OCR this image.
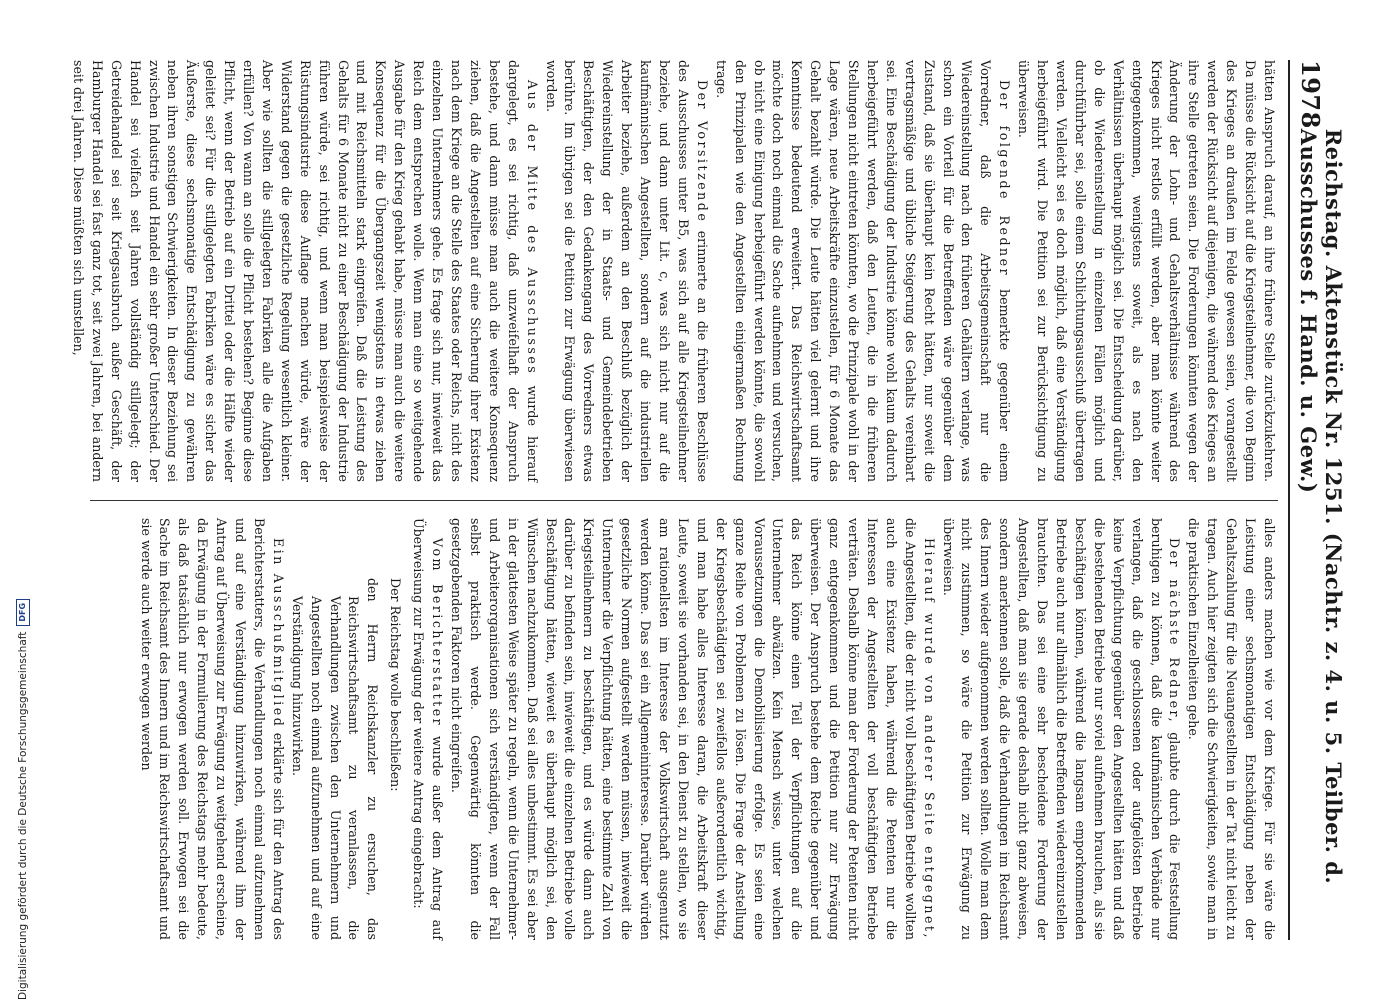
1978
Reichstag. Aktenstück Nr. 1251. (Nachtr. z. 4. u. 5. Teilber. d. Ausschusses f. Hand. u. Gew.)

hätten Anspruch darauf, an ihre frühere Stelle zurückzukehren. Da müsse die Rücksicht auf die Kriegsteilnehmer, die von Beginn des Krieges an draußen im Felde gewesen seien, vorangestellt werden der Rücksicht auf diejenigen, die während des Krieges an ihre Stelle getreten seien. Die Forderungen könnten wegen der Änderung der Lohn- und Gehaltsverhältnisse während des Krieges nicht restlos erfüllt werden, aber man könnte weiter entgegenkommen, wenigstens soweit, als es nach den Verhältnissen überhaupt möglich sei. Die Entscheidung darüber, ob die Wiedereinstellung in einzelnen Fällen möglich und durchführbar sei, solle einem Schlichtungsausschuß übertragen werden. Vielleicht sei es doch möglich, daß eine Verständigung herbeigeführt wird. Die Petition sei zur Berücksichtigung zu überweisen.

Der folgende Redner bemerkte gegenüber einem Vorredner, daß die Arbeitsgemeinschaft nur die Wiedereinstellung nach den früheren Gehältern verlange, was schon ein Vorteil für die Betreffenden wäre gegenüber dem Zustand, daß sie überhaupt kein Recht hätten, nur soweit die vertragsmäßige und übliche Steigerung des Gehalts vereinbart sei. Eine Beschädigung der Industrie könne wohl kaum dadurch herbeigeführt werden, daß den Leuten, die in die früheren Stellungen nicht eintreten könnten, wo die Prinzipale wohl in der Lage wären, neue Arbeitskräfte einzustellen, für 6 Monate das Gehalt bezahlt würde. Die Leute hätten viel gelernt und ihre Kenntnisse bedeutend erweitert. Das Reichswirtschaftsamt möchte doch noch einmal die Sache aufnehmen und versuchen, ob nicht eine Einigung herbeigeführt werden könnte, die sowohl den Prinzipalen wie den Angestellten einigermaßen Rechnung trage.

Der Vorsitzende erinnerte an die früheren Beschlüsse des Ausschusses unter B5, was sich auf alle Kriegsteilnehmer beziehe, und dann unter Lit. c, was sich nicht nur auf die kaufmännischen Angestellten, sondern auf die industriellen Arbeiter beziehe, außerdem an den Beschluß bezüglich der Wiedereinstellung der in Staats- und Gemeindebetrieben Beschäftigten, der den Gedankengang des Vorredners etwas berühre. Im übrigen sei die Petition zur Erwägung überwiesen worden.

Aus der Mitte des Ausschusses wurde hierauf dargelegt, es sei richtig, daß unzweifelhaft der Anspruch bestehe, und dann müsse man auch die weitere Konsequenz ziehen, daß die Angestellten auf eine Sicherung ihrer Existenz nach dem Kriege an die Stelle des Staates oder Reichs, nicht des einzelnen Unternehmers gehe. Es frage sich nur, inwieweit das Reich dem entsprechen wolle. Wenn man eine so weitgehende Ausgabe für den Krieg gehabt habe, müsse man auch die weitere Konsequenz für die Übergangszeit wenigstens in etwas ziehen und mit Reichsmitteln stark eingreifen. Daß die Leistung des Gehalts für 6 Monate nicht zu einer Beschädigung der Industrie führen würde, sei richtig, und wenn man beispielsweise der Rüstungsindustrie diese Auflage machen würde, wäre der Widerstand gegen die gesetzliche Regelung wesentlich kleiner. Aber wie sollten die stillgelegten Fabriken alle die Aufgaben erfüllen? Von wann an solle die Pflicht bestehen? Beginne diese Pflicht, wenn der Betrieb auf ein Drittel oder die Hälfte wieder geleitet sei? Für die stillgelegten Fabriken wäre es sicher das Äußerste, diese sechsmonatige Entschädigung zu gewähren neben ihren sonstigen Schwierigkeiten. In dieser Beziehung sei zwischen Industrie und Handel ein sehr großer Unterschied. Der Handel sei vielfach seit Jahren vollständig stillgelegt; der Getreidehandel sei seit Kriegsausbruch außer Geschäft, der Hamburger Handel sei fast ganz tot, seit zwei Jahren, bei andern seit drei Jahren. Diese müßten sich umstellen,

alles anders machen wie vor dem Kriege. Für sie wäre die Leistung einer sechsmonatigen Entschädigung neben der Gehaltszahlung für die Neuangestellten in der Tat nicht leicht zu tragen. Auch hier zeigten sich die Schwierigkeiten, sowie man in die praktischen Einzelheiten gehe.

Der nächste Redner, glaubte durch die Feststellung beruhigen zu können, daß die kaufmännischen Verbände nur verlangen, daß die geschlossenen oder aufgelösten Betriebe keine Verpflichtung gegenüber den Angestellten hätten und daß die bestehenden Betriebe nur soviel aufnehmen brauchen, als sie beschäftigen können, während die langsam emporkommenden Betriebe auch nur allmählich die Betreffenden wiedereinzustellen brauchten. Das sei eine sehr bescheidene Forderung der Angestellten, daß man sie gerade deshalb nicht ganz abweisen, sondern anerkennen solle, daß die Verhandlungen im Reichsamt des Innern wieder aufgenommen werden sollten. Wolle man dem nicht zustimmen, so wäre die Petition zur Erwägung zu überweisen.

Hierauf wurde von anderer Seite entgegnet, die Angestellten, die der nicht voll beschäftigten Betriebe wollten auch eine Existenz haben, während die Petenten nur die Interessen der Angestellten der voll beschäftigten Betriebe verträten. Deshalb könne man der Forderung der Petenten nicht ganz entgegenkommen und die Petition nur zur Erwägung überweisen. Der Anspruch bestehe dem Reiche gegenüber und das Reich könne einen Teil der Verpflichtungen auf die Unternehmer abwälzen. Kein Mensch wisse, unter welchen Voraussetzungen die Demobilisierung erfolge. Es seien eine ganze Reihe von Problemen zu lösen. Die Frage der Anstellung der Kriegsbeschädigten sei zweifellos außerordentlich wichtig, und man habe alles Interesse daran, die Arbeitskraft dieser Leute, soweit sie vorhanden sei, in den Dienst zu stellen, wo sie am rationellsten im Interesse der Volkswirtschaft ausgenutzt werden könne. Das sei ein Allgemeininteresse. Darüber würden gesetzliche Normen aufgestellt werden müssen, inwieweit die Unternehmer die Verpflichtung hätten, eine bestimmte Zahl von Kriegsteilnehmern zu beschäftigen, und es würde dann auch darüber zu befinden sein, inwieweit die einzelnen Betriebe volle Beschäftigung hätten, wieweit es überhaupt möglich sei, den Wünschen nachzukommen. Daß sei alles unbestimmt. Es sei aber in der glattesten Weise später zu regeln, wenn die Unternehmer- und Arbeiterorganisationen sich verständigten, wenn der Fall selbst praktisch werde. Gegenwärtig könnten die gesetzgebenden Faktoren nicht eingreifen.

Vom Berichterstatter wurde außer dem Antrag auf Überweisung zur Erwägung der weitere Antrag eingebracht:

Der Reichstag wolle beschließen:

den Herrn Reichskanzler zu ersuchen, das Reichswirtschaftsamt zu veranlassen, die Verhandlungen zwischen den Unternehmern und Angestellten noch einmal aufzunehmen und auf eine Verständigung hinzuwirken.

Ein Ausschußmitglied erklärte sich für den Antrag des Berichterstatters, die Verhandlungen noch einmal aufzunehmen und auf eine Verständigung hinzuwirken, während ihm der Antrag auf Überweisung zur Erwägung zu weitgehend erscheine, da Erwägung in der Formulierung des Reichstags mehr bedeute, als daß tatsächlich nur erwogen werden soll. Erwogen sei die Sache im Reichsamt des Innern und im Reichswirtschaftsamt und sie werde auch weiter erwogen werden

Digitalisierung gefördert durch die Deutsche Forschungsgemeinschaft
DFG
